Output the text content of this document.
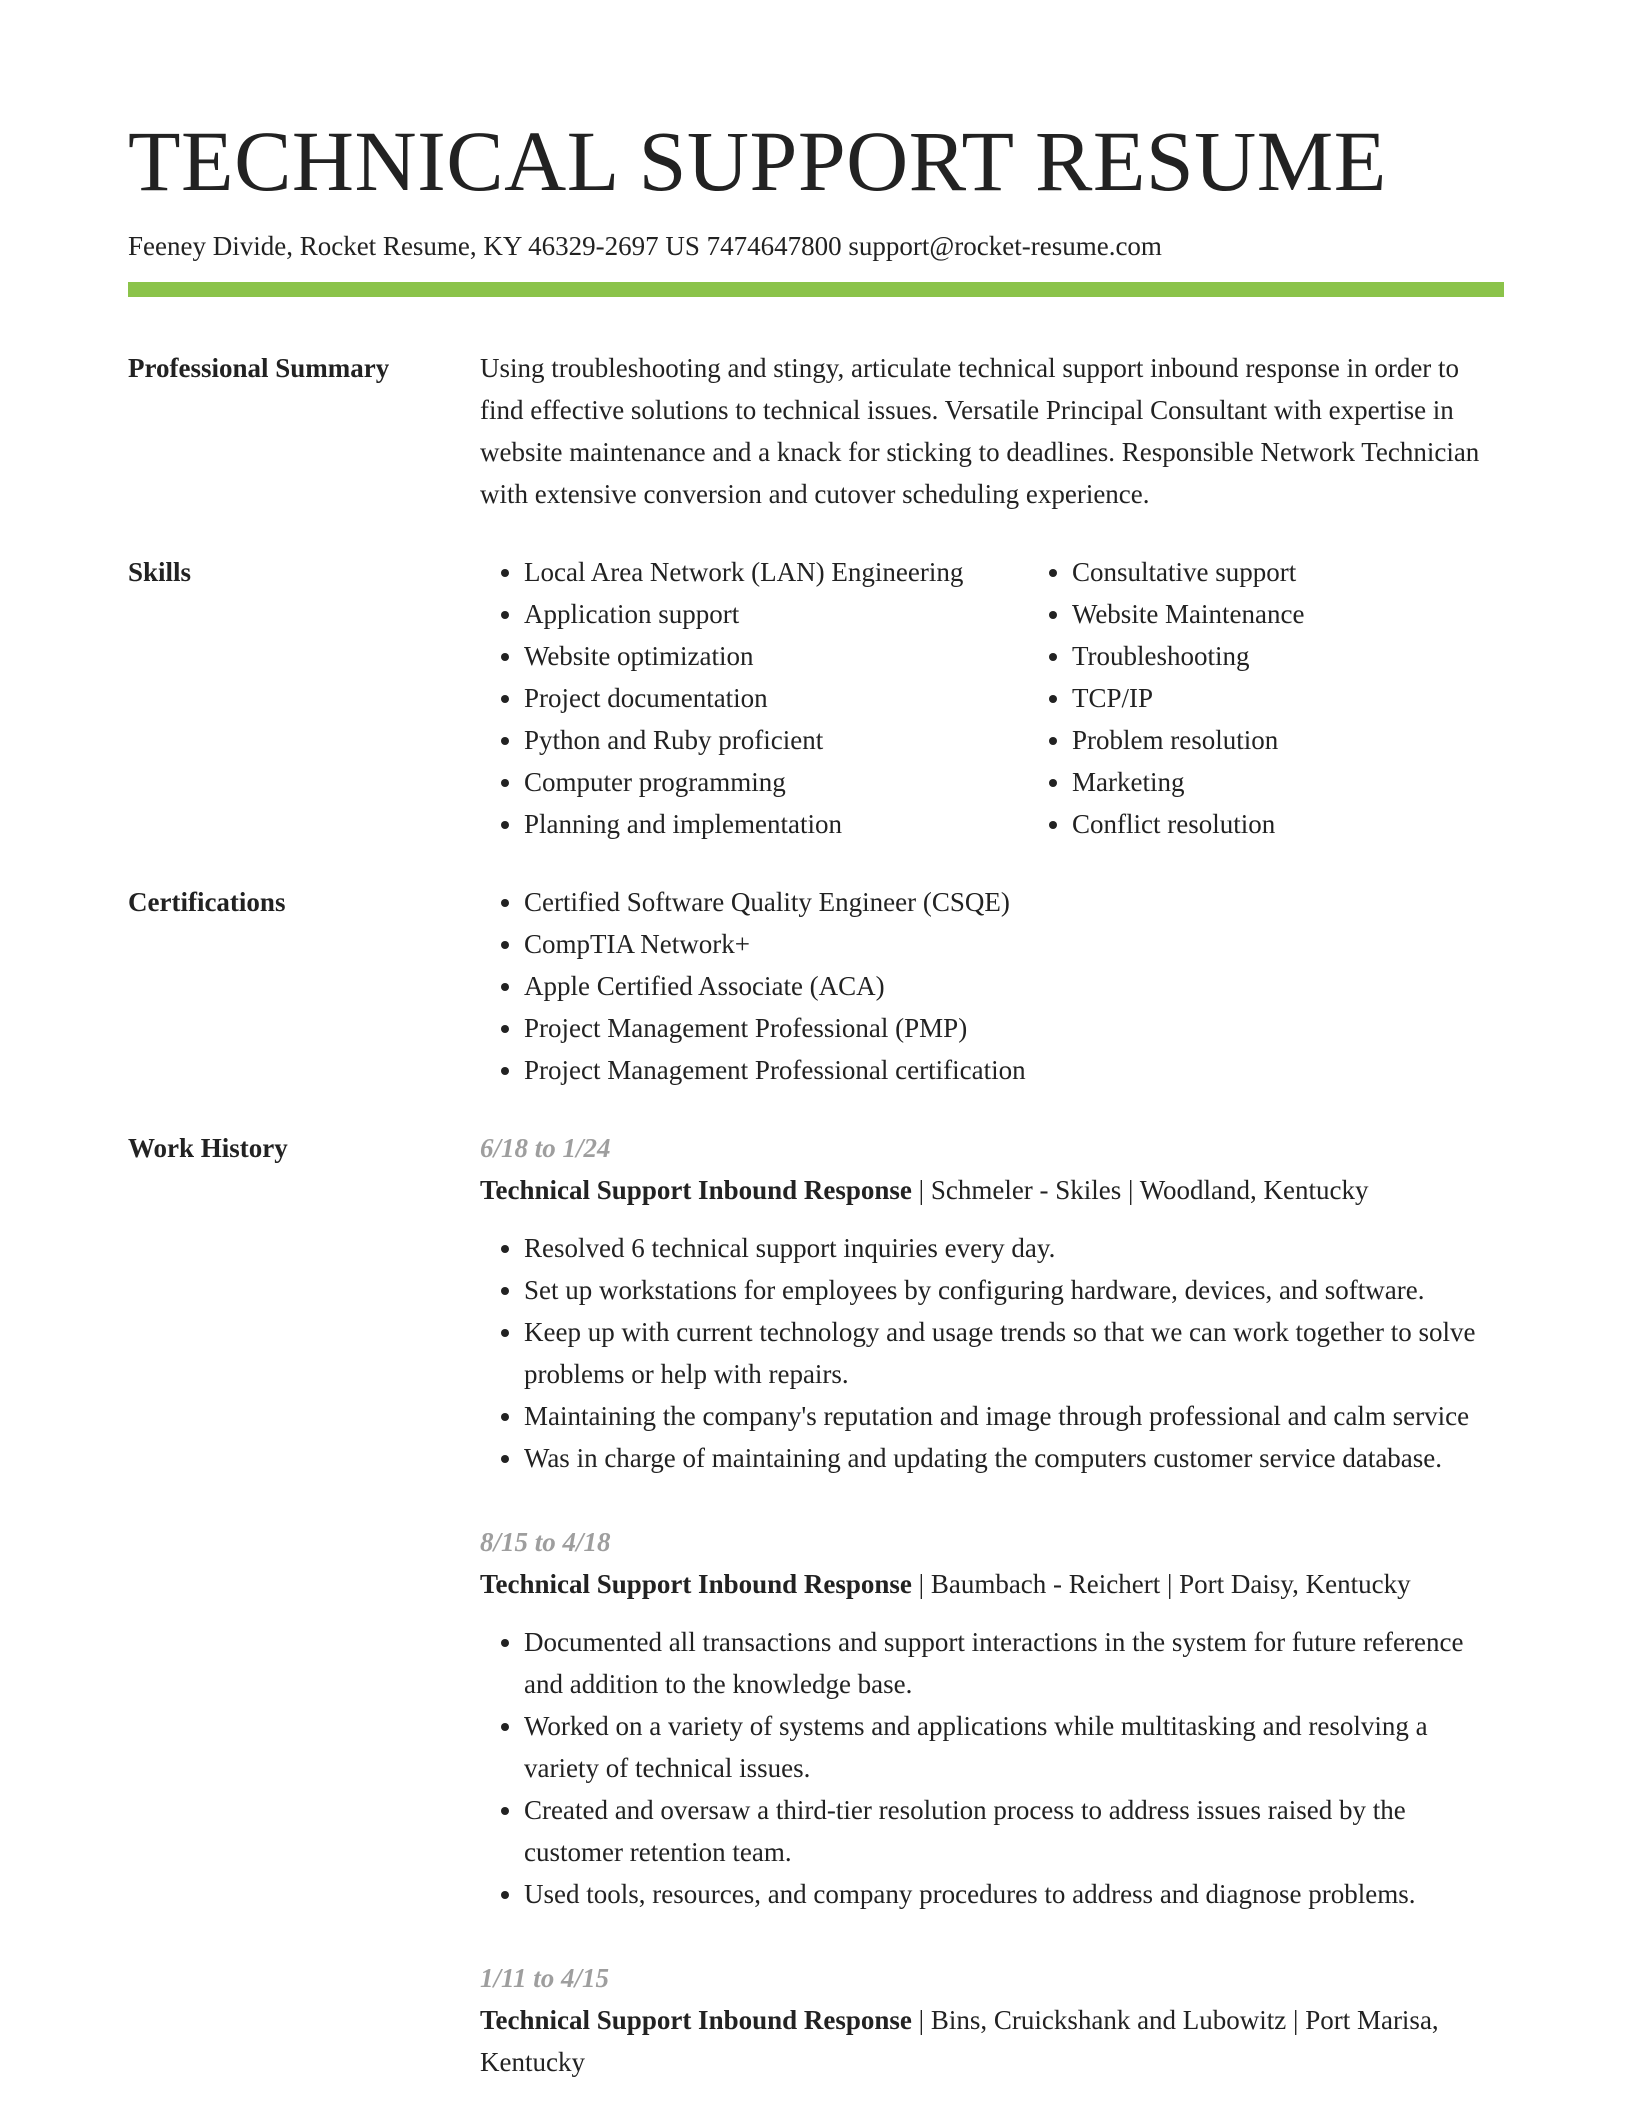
TECHNICAL SUPPORT RESUME
Feeney Divide, Rocket Resume, KY 46329-2697 US 7474647800 support@rocket-resume.com
Professional Summary	Using troubleshooting and stingy, articulate technical support inbound response in order to find effective solutions to technical issues. Versatile Principal Consultant with expertise in website maintenance and a knack for sticking to deadlines. Responsible Network Technician with extensive conversion and cutover scheduling experience.

Skills	• Local Area Network (LAN) Engineering
• Application support
• Website optimization
• Project documentation
• Python and Ruby proficient
• Computer programming
• Planning and implementation
• Consultative support
• Website Maintenance
• Troubleshooting
• TCP/IP
• Problem resolution
• Marketing
• Conflict resolution
Certifications	• Certified Software Quality Engineer (CSQE)
• CompTIA Network+
• Apple Certified Associate (ACA)
• Project Management Professional (PMP)
• Project Management Professional certification
Work History	6/18 to 1/24
Technical Support Inbound Response | Schmeler - Skiles | Woodland, Kentucky
• Resolved 6 technical support inquiries every day.
• Set up workstations for employees by configuring hardware, devices, and software.
• Keep up with current technology and usage trends so that we can work together to solve problems or help with repairs.
• Maintaining the company's reputation and image through professional and calm service
• Was in charge of maintaining and updating the computers customer service database.
8/15 to 4/18
Technical Support Inbound Response | Baumbach - Reichert | Port Daisy, Kentucky
• Documented all transactions and support interactions in the system for future reference and addition to the knowledge base.
• Worked on a variety of systems and applications while multitasking and resolving a variety of technical issues.
• Created and oversaw a third-tier resolution process to address issues raised by the customer retention team.
• Used tools, resources, and company procedures to address and diagnose problems.
1/11 to 4/15
Technical Support Inbound Response | Bins, Cruickshank and Lubowitz | Port Marisa, Kentucky
